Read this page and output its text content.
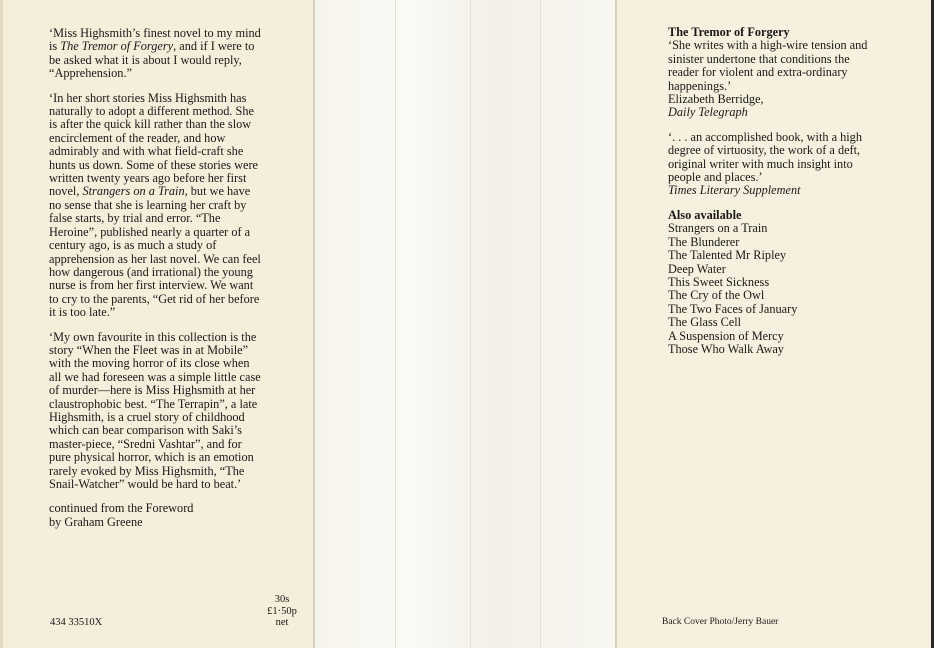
‘Miss Highsmith’s finest novel to my mind is The Tremor of Forgery, and if I were to be asked what it is about I would reply, “Apprehension.”

‘In her short stories Miss Highsmith has naturally to adopt a different method. She is after the quick kill rather than the slow encirclement of the reader, and how admirably and with what field-craft she hunts us down. Some of these stories were written twenty years ago before her first novel, Strangers on a Train, but we have no sense that she is learning her craft by false starts, by trial and error. “The Heroine”, published nearly a quarter of a century ago, is as much a study of apprehension as her last novel. We can feel how dangerous (and irrational) the young nurse is from her first interview. We want to cry to the parents, “Get rid of her before it is too late.”

‘My own favourite in this collection is the story “When the Fleet was in at Mobile” with the moving horror of its close when all we had foreseen was a simple little case of murder—here is Miss Highsmith at her claustrophobic best. “The Terrapin”, a late Highsmith, is a cruel story of childhood which can bear comparison with Saki’s master-piece, “Sredni Vashtar”, and for pure physical horror, which is an emotion rarely evoked by Miss Highsmith, “The Snail-Watcher” would be hard to beat.’

continued from the Foreword
by Graham Greene
434 33510X
30s
£1·50p
net
The Tremor of Forgery

‘She writes with a high-wire tension and sinister undertone that conditions the reader for violent and extra-ordinary happenings.’
Elizabeth Berridge,
Daily Telegraph

‘. . . an accomplished book, with a high degree of virtuosity, the work of a deft, original writer with much insight into people and places.’
Times Literary Supplement

Also available
Strangers on a Train
The Blunderer
The Talented Mr Ripley
Deep Water
This Sweet Sickness
The Cry of the Owl
The Two Faces of January
The Glass Cell
A Suspension of Mercy
Those Who Walk Away
Back Cover Photo/Jerry Bauer
